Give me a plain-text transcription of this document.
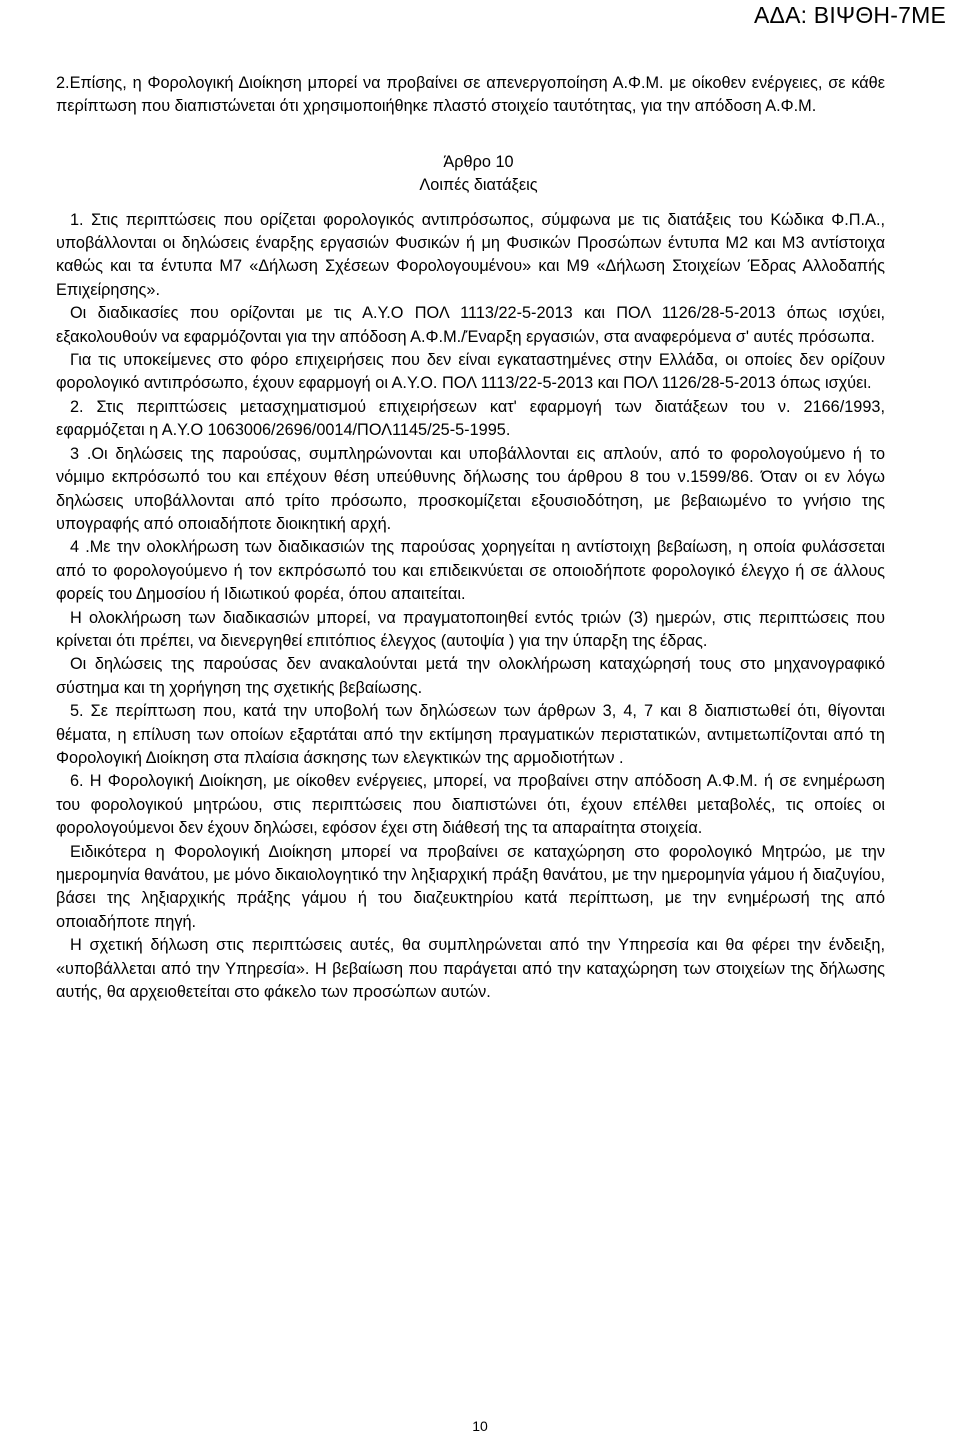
ΑΔΑ: ΒΙΨΘΗ-7ΜΕ

2.Επίσης, η Φορολογική Διοίκηση μπορεί να προβαίνει σε απενεργοποίηση Α.Φ.Μ. με οίκοθεν ενέργειες, σε κάθε περίπτωση που διαπιστώνεται ότι χρησιμοποιήθηκε πλαστό στοιχείο ταυτότητας, για την απόδοση Α.Φ.Μ.

Άρθρο 10

Λοιπές διατάξεις

1. Στις περιπτώσεις που ορίζεται φορολογικός αντιπρόσωπος, σύμφωνα με τις διατάξεις του Κώδικα Φ.Π.Α., υποβάλλονται οι δηλώσεις έναρξης εργασιών Φυσικών ή μη Φυσικών Προσώπων έντυπα Μ2 και Μ3 αντίστοιχα καθώς και τα έντυπα Μ7 «Δήλωση Σχέσεων Φορολογουμένου» και Μ9 «Δήλωση Στοιχείων Έδρας Αλλοδαπής Επιχείρησης».

Οι διαδικασίες που ορίζονται με τις Α.Υ.Ο ΠΟΛ 1113/22-5-2013 και ΠΟΛ 1126/28-5-2013 όπως ισχύει, εξακολουθούν να εφαρμόζονται για την απόδοση Α.Φ.Μ./Έναρξη εργασιών, στα αναφερόμενα σ' αυτές πρόσωπα.

Για τις υποκείμενες στο φόρο επιχειρήσεις που δεν είναι εγκαταστημένες στην Ελλάδα, οι οποίες δεν ορίζουν φορολογικό αντιπρόσωπο, έχουν εφαρμογή οι Α.Υ.Ο. ΠΟΛ 1113/22-5-2013 και ΠΟΛ 1126/28-5-2013 όπως ισχύει.

2. Στις περιπτώσεις μετασχηματισμού επιχειρήσεων κατ' εφαρμογή των διατάξεων του ν. 2166/1993, εφαρμόζεται η Α.Υ.Ο 1063006/2696/0014/ΠΟΛ1145/25-5-1995.

3 .Οι δηλώσεις της παρούσας, συμπληρώνονται και υποβάλλονται εις απλούν, από το φορολογούμενο ή το νόμιμο εκπρόσωπό του και επέχουν θέση υπεύθυνης δήλωσης του άρθρου 8 του ν.1599/86. Όταν οι εν λόγω δηλώσεις υποβάλλονται από τρίτο πρόσωπο, προσκομίζεται εξουσιοδότηση, με βεβαιωμένο το γνήσιο της υπογραφής από οποιαδήποτε διοικητική αρχή.

4 .Με την ολοκλήρωση των διαδικασιών της παρούσας χορηγείται η αντίστοιχη βεβαίωση, η οποία φυλάσσεται από το φορολογούμενο ή τον εκπρόσωπό του και επιδεικνύεται σε οποιοδήποτε φορολογικό έλεγχο ή σε άλλους φορείς του Δημοσίου ή Ιδιωτικού φορέα, όπου απαιτείται.

Η ολοκλήρωση των διαδικασιών μπορεί, να πραγματοποιηθεί εντός τριών (3) ημερών, στις περιπτώσεις που κρίνεται ότι πρέπει, να διενεργηθεί επιτόπιος έλεγχος (αυτοψία ) για την ύπαρξη της έδρας.

Οι δηλώσεις της παρούσας δεν ανακαλούνται μετά την ολοκλήρωση καταχώρησή τους στο μηχανογραφικό σύστημα και τη χορήγηση της σχετικής βεβαίωσης.

5. Σε περίπτωση που, κατά την υποβολή των δηλώσεων των άρθρων 3, 4, 7 και 8 διαπιστωθεί ότι, θίγονται θέματα, η επίλυση των οποίων εξαρτάται από την εκτίμηση πραγματικών περιστατικών, αντιμετωπίζονται από τη Φορολογική Διοίκηση στα πλαίσια άσκησης των ελεγκτικών της αρμοδιοτήτων .

6. Η Φορολογική Διοίκηση, με οίκοθεν ενέργειες, μπορεί, να προβαίνει στην απόδοση Α.Φ.Μ. ή σε ενημέρωση του φορολογικού μητρώου, στις περιπτώσεις που διαπιστώνει ότι, έχουν επέλθει μεταβολές, τις οποίες οι φορολογούμενοι δεν έχουν δηλώσει, εφόσον έχει στη διάθεσή της τα απαραίτητα στοιχεία.

Ειδικότερα η Φορολογική Διοίκηση μπορεί να προβαίνει σε καταχώρηση στο φορολογικό Μητρώο, με την ημερομηνία θανάτου, με μόνο δικαιολογητικό την ληξιαρχική πράξη θανάτου, με την ημερομηνία γάμου ή διαζυγίου, βάσει της ληξιαρχικής πράξης γάμου ή του διαζευκτηρίου κατά περίπτωση, με την ενημέρωσή της από οποιαδήποτε πηγή.

Η σχετική δήλωση στις περιπτώσεις αυτές, θα συμπληρώνεται από την Υπηρεσία και θα φέρει την ένδειξη, «υποβάλλεται από την Υπηρεσία». Η βεβαίωση που παράγεται από την καταχώρηση των στοιχείων της δήλωσης αυτής, θα αρχειοθετείται στο φάκελο των προσώπων αυτών.

10
